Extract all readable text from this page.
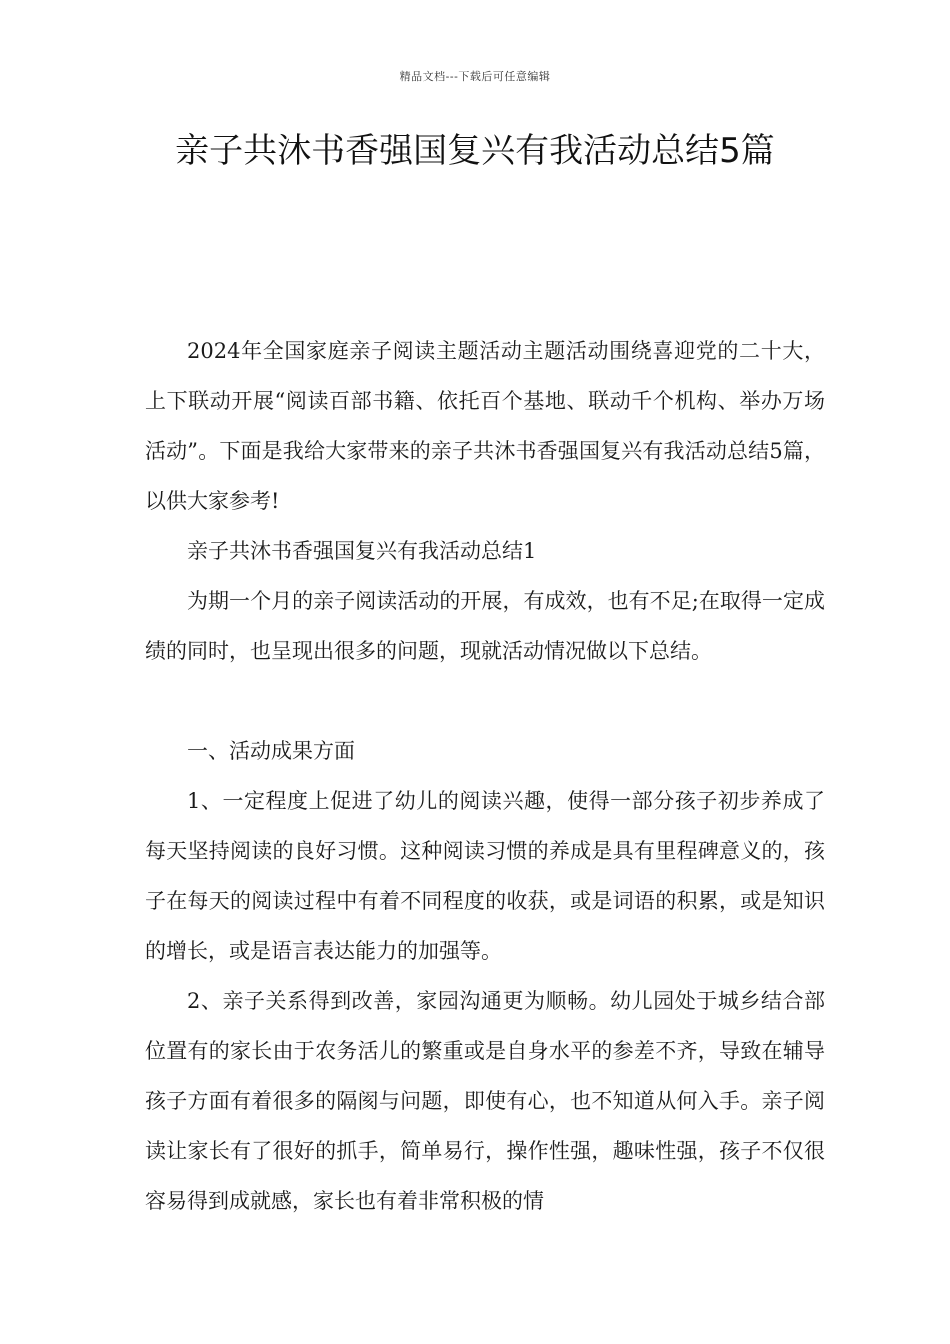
精品文档---下载后可任意编辑
亲子共沐书香强国复兴有我活动总结5篇

2024年全国家庭亲子阅读主题活动主题活动围绕喜迎党的二十大，上下联动开展“阅读百部书籍、依托百个基地、联动千个机构、举办万场活动”。下面是我给大家带来的亲子共沐书香强国复兴有我活动总结5篇，以供大家参考!

亲子共沐书香强国复兴有我活动总结1

为期一个月的亲子阅读活动的开展，有成效，也有不足;在取得一定成绩的同时，也呈现出很多的问题，现就活动情况做以下总结。

一、活动成果方面

1、一定程度上促进了幼儿的阅读兴趣，使得一部分孩子初步养成了每天坚持阅读的良好习惯。这种阅读习惯的养成是具有里程碑意义的，孩子在每天的阅读过程中有着不同程度的收获，或是词语的积累，或是知识的增长，或是语言表达能力的加强等。

2、亲子关系得到改善，家园沟通更为顺畅。幼儿园处于城乡结合部位置有的家长由于农务活儿的繁重或是自身水平的参差不齐，导致在辅导孩子方面有着很多的隔阂与问题，即使有心，也不知道从何入手。亲子阅读让家长有了很好的抓手，简单易行，操作性强，趣味性强，孩子不仅很容易得到成就感，家长也有着非常积极的情
